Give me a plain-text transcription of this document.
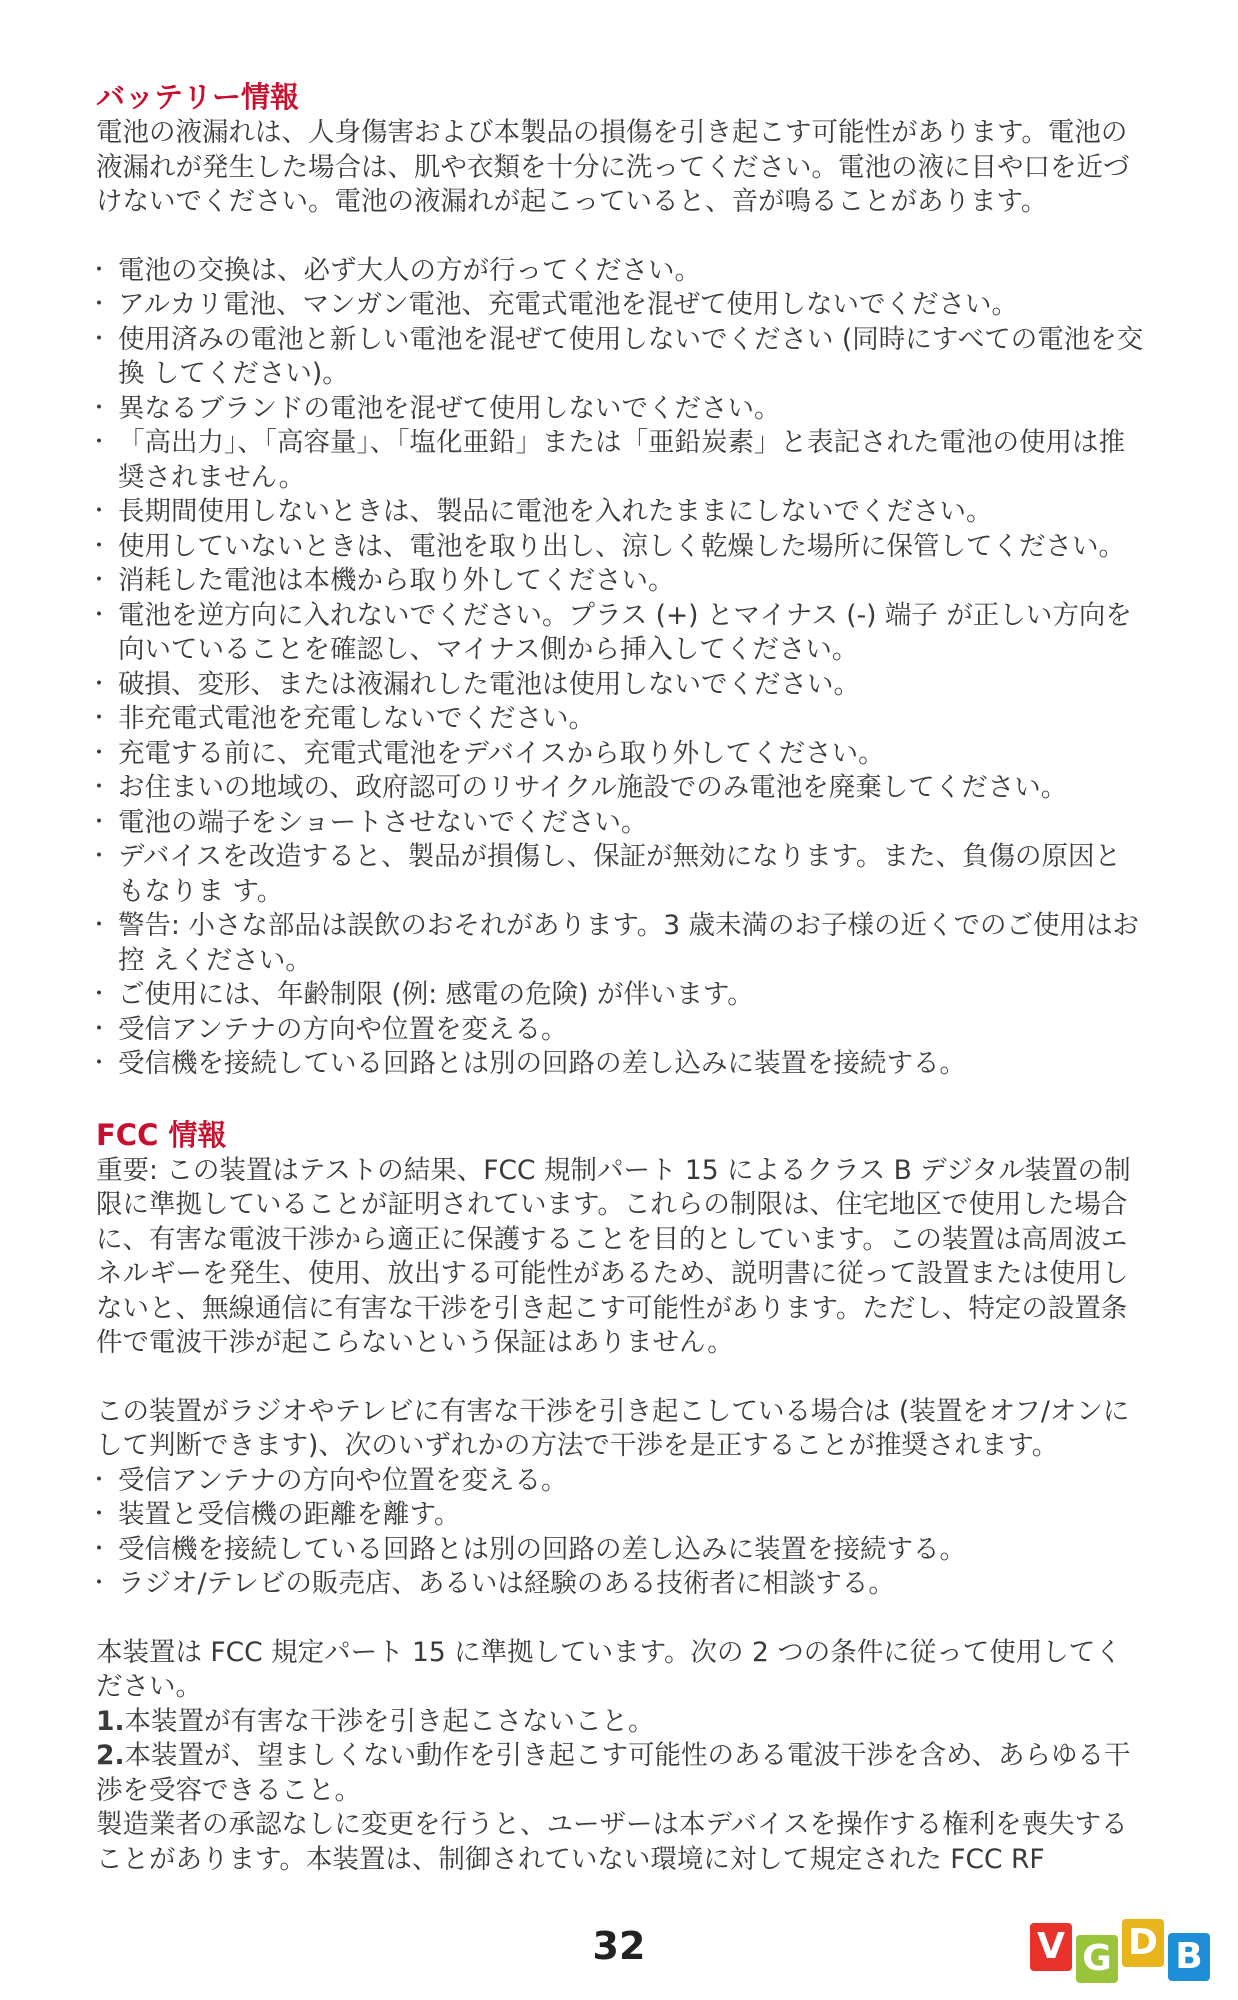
バッテリー情報

電池の液漏れは、人身傷害および本製品の損傷を引き起こす可能性があります。電池の液漏れが発生した場合は、肌や衣類を十分に洗ってください。電池の液に目や口を近づけないでください。電池の液漏れが起こっていると、音が鳴ることがあります。

・ 電池の交換は、必ず大人の方が行ってください。
・ アルカリ電池、マンガン電池、充電式電池を混ぜて使用しないでください。
・ 使用済みの電池と新しい電池を混ぜて使用しないでください (同時にすべての電池を交換 してください)。
・ 異なるブランドの電池を混ぜて使用しないでください。
・ 「高出力」、「高容量」、「塩化亜鉛」または「亜鉛炭素」と表記された電池の使用は推奨されません。
・ 長期間使用しないときは、製品に電池を入れたままにしないでください。
・ 使用していないときは、電池を取り出し、涼しく乾燥した場所に保管してください。
・ 消耗した電池は本機から取り外してください。
・ 電池を逆方向に入れないでください。プラス (+) とマイナス (-) 端子 が正しい方向を向いていることを確認し、マイナス側から挿入してください。
・ 破損、変形、または液漏れした電池は使用しないでください。
・ 非充電式電池を充電しないでください。
・ 充電する前に、充電式電池をデバイスから取り外してください。
・ お住まいの地域の、政府認可のリサイクル施設でのみ電池を廃棄してください。
・ 電池の端子をショートさせないでください。
・ デバイスを改造すると、製品が損傷し、保証が無効になります。また、負傷の原因ともなりま す。
・ 警告: 小さな部品は誤飲のおそれがあります。3 歳未満のお子様の近くでのご使用はお控 えください。
・ ご使用には、年齢制限 (例: 感電の危険) が伴います。
・ 受信アンテナの方向や位置を変える。
・ 受信機を接続している回路とは別の回路の差し込みに装置を接続する。
FCC 情報

重要: この装置はテストの結果、FCC 規制パート 15 によるクラス B デジタル装置の制限に準拠していることが証明されています。これらの制限は、住宅地区で使用した場合に、有害な電波干渉から適正に保護することを目的としています。この装置は高周波エネルギーを発生、使用、放出する可能性があるため、説明書に従って設置または使用しないと、無線通信に有害な干渉を引き起こす可能性があります。ただし、特定の設置条件で電波干渉が起こらないという保証はありません。

この装置がラジオやテレビに有害な干渉を引き起こしている場合は (装置をオフ/オンにして判断できます)、次のいずれかの方法で干渉を是正することが推奨されます。

・ 受信アンテナの方向や位置を変える。
・ 装置と受信機の距離を離す。
・ 受信機を接続している回路とは別の回路の差し込みに装置を接続する。
・ ラジオ/テレビの販売店、あるいは経験のある技術者に相談する。

本装置は FCC 規定パート 15 に準拠しています。次の 2 つの条件に従って使用してください。

1.本装置が有害な干渉を引き起こさないこと。

2.本装置が、望ましくない動作を引き起こす可能性のある電波干渉を含め、あらゆる干渉を受容できること。

製造業者の承認なしに変更を行うと、ユーザーは本デバイスを操作する権利を喪失することがあります。本装置は、制御されていない環境に対して規定された FCC RF

32	V G D B
